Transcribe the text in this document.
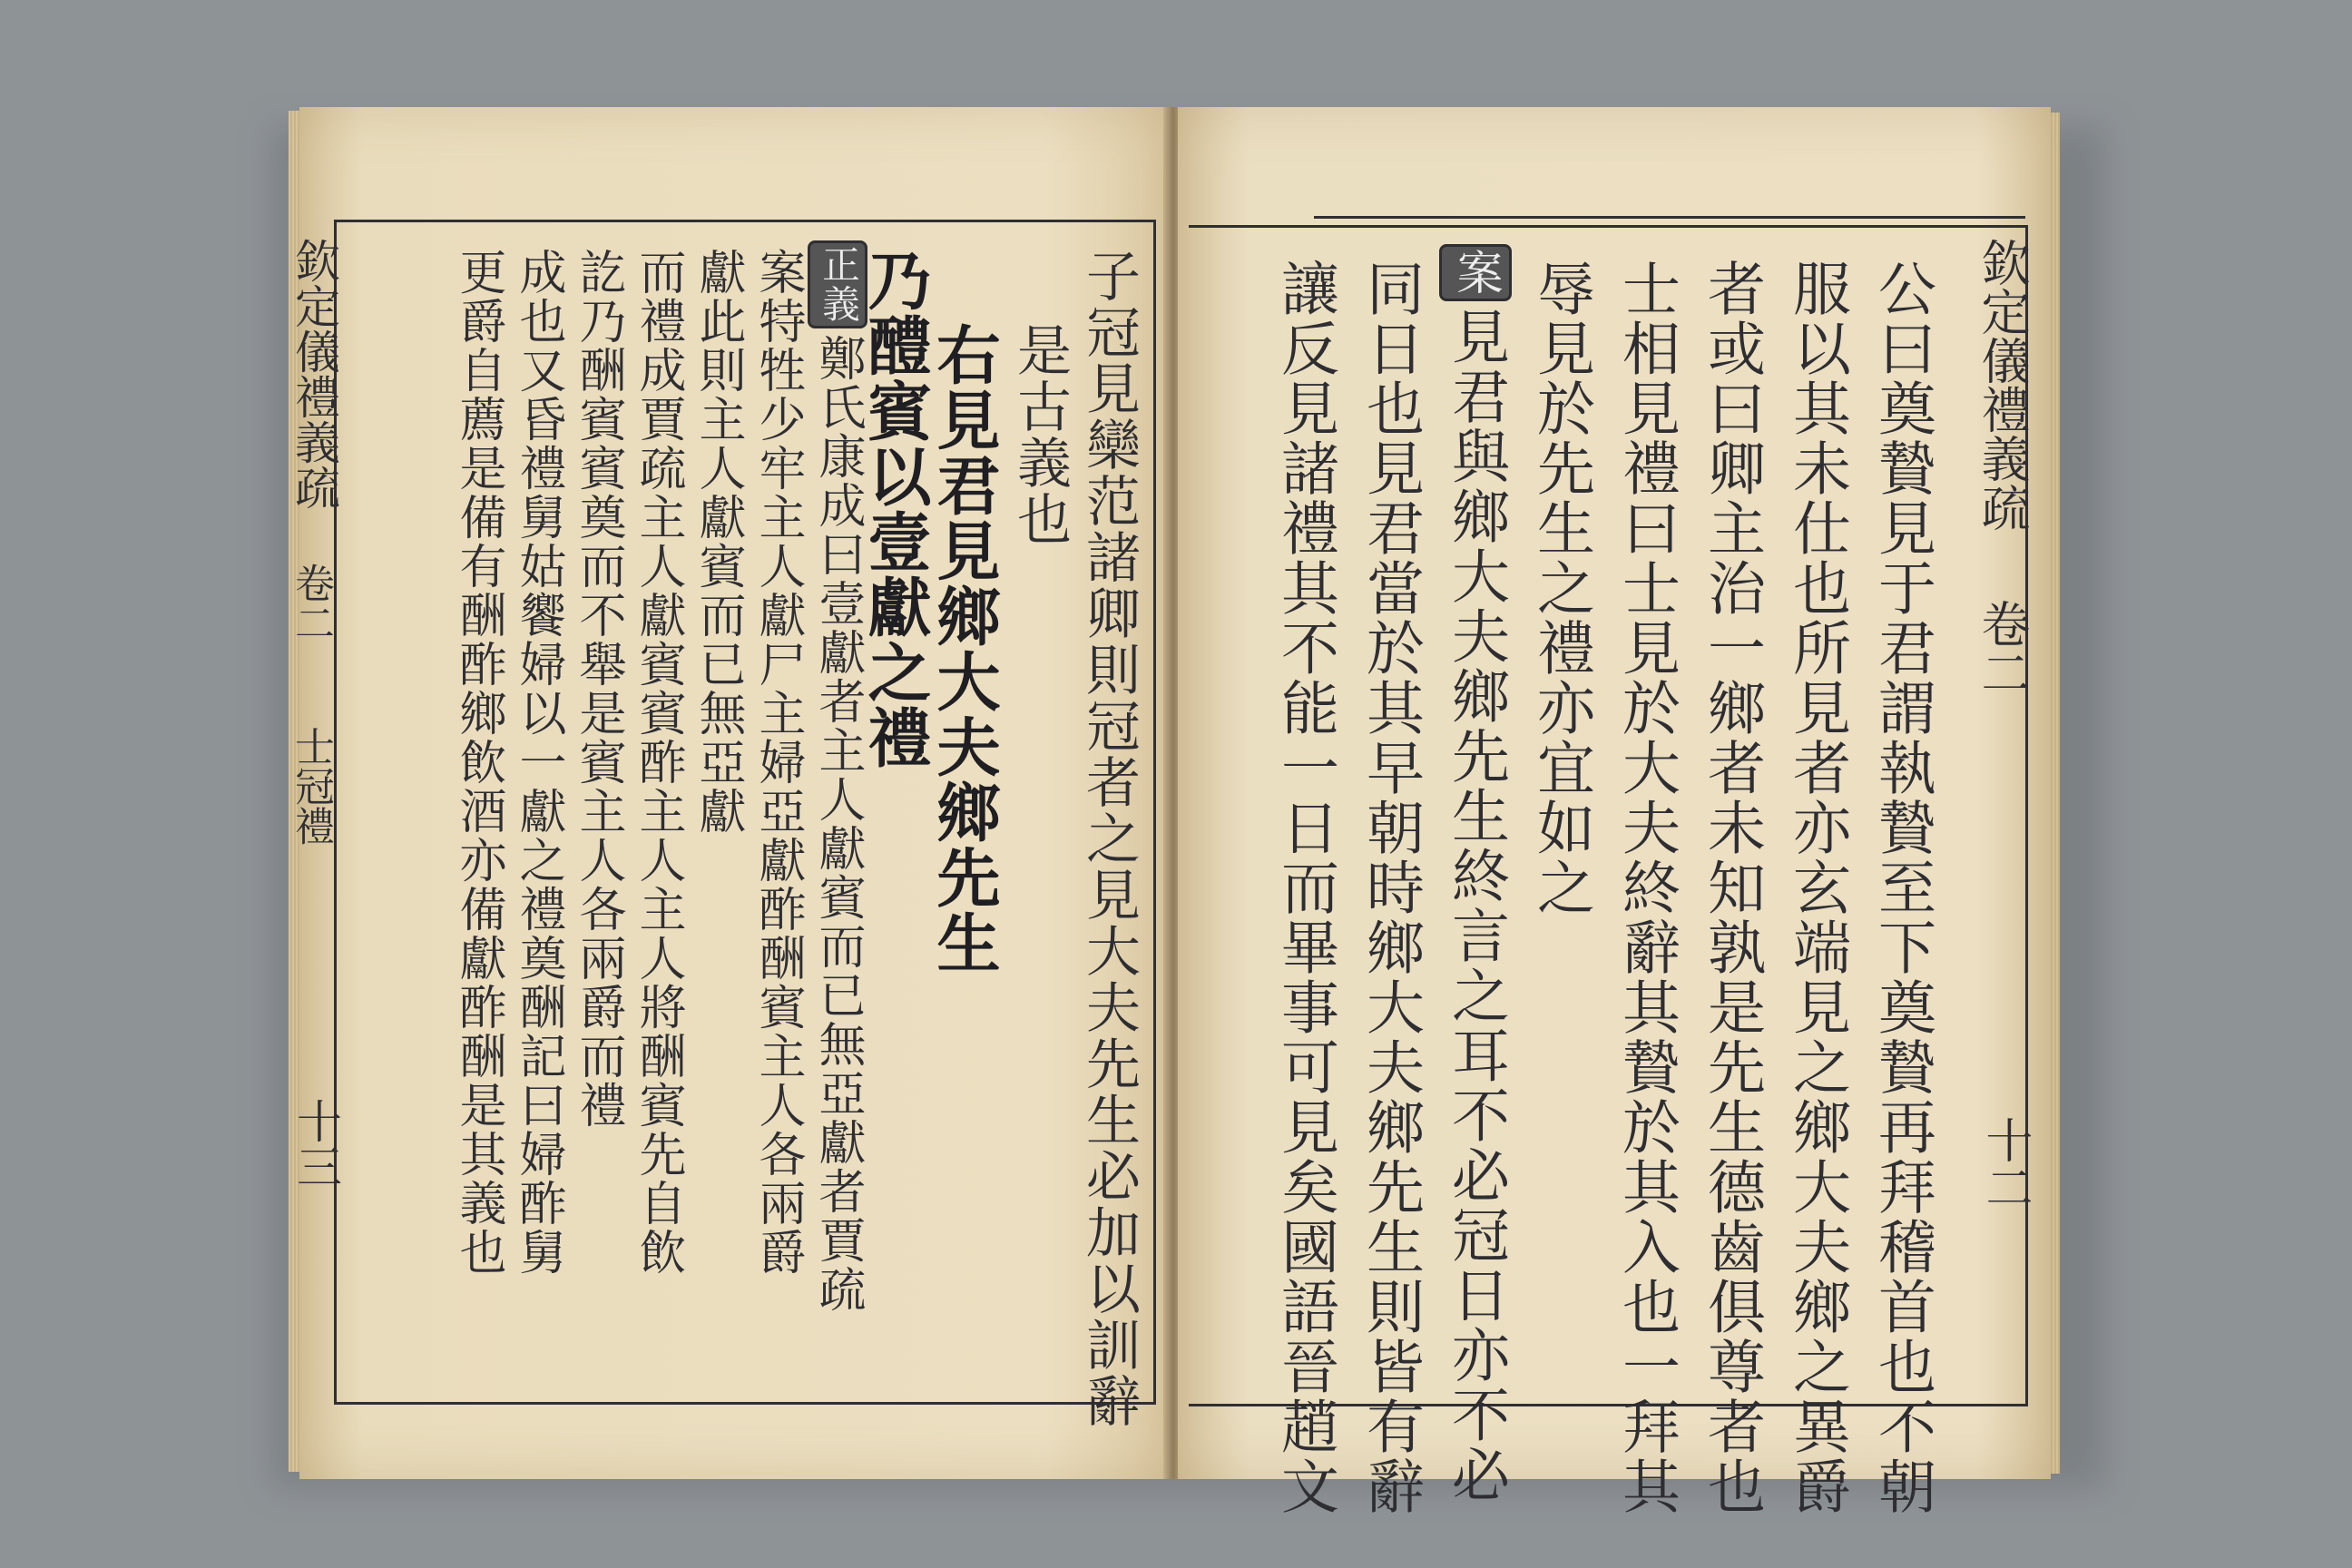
子冠見欒范諸卿則冠者之見大夫先生必加以訓辭
是古義也
右見君見鄉大夫鄉先生
乃醴賓以壹獻之禮
正義鄭氏康成曰壹獻者主人獻賓而已無亞獻者賈疏
案特牲少牢主人獻尸主婦亞獻酢酬賓主人各兩爵
獻此則主人獻賓而已無亞獻
而禮成賈疏主人獻賓賓酢主人主人將酬賓先自飲
訖乃酬賓賓奠而不舉是賓主人各兩爵而禮
成也又昏禮舅姑饗婦以一獻之禮奠酬記曰婦酢舅
更爵自薦是備有酬酢鄉飲酒亦備獻酢酬是其義也
欽定儀禮義疏
卷二
士冠禮
十三	公曰奠贄見于君謂執贄至下奠贄再拜稽首也不朝
服以其未仕也所見者亦玄端見之鄉大夫鄉之異爵
者或曰卿主治一鄉者未知孰是先生德齒俱尊者也
士相見禮曰士見於大夫終辭其贄於其入也一拜其
辱見於先生之禮亦宜如之
案見君與鄉大夫鄉先生終言之耳不必冠日亦不必
同日也見君當於其早朝時鄉大夫鄉先生則皆有辭
讓反見諸禮其不能一日而畢事可見矣國語晉趙文	欽定儀禮義疏
卷二
十二
